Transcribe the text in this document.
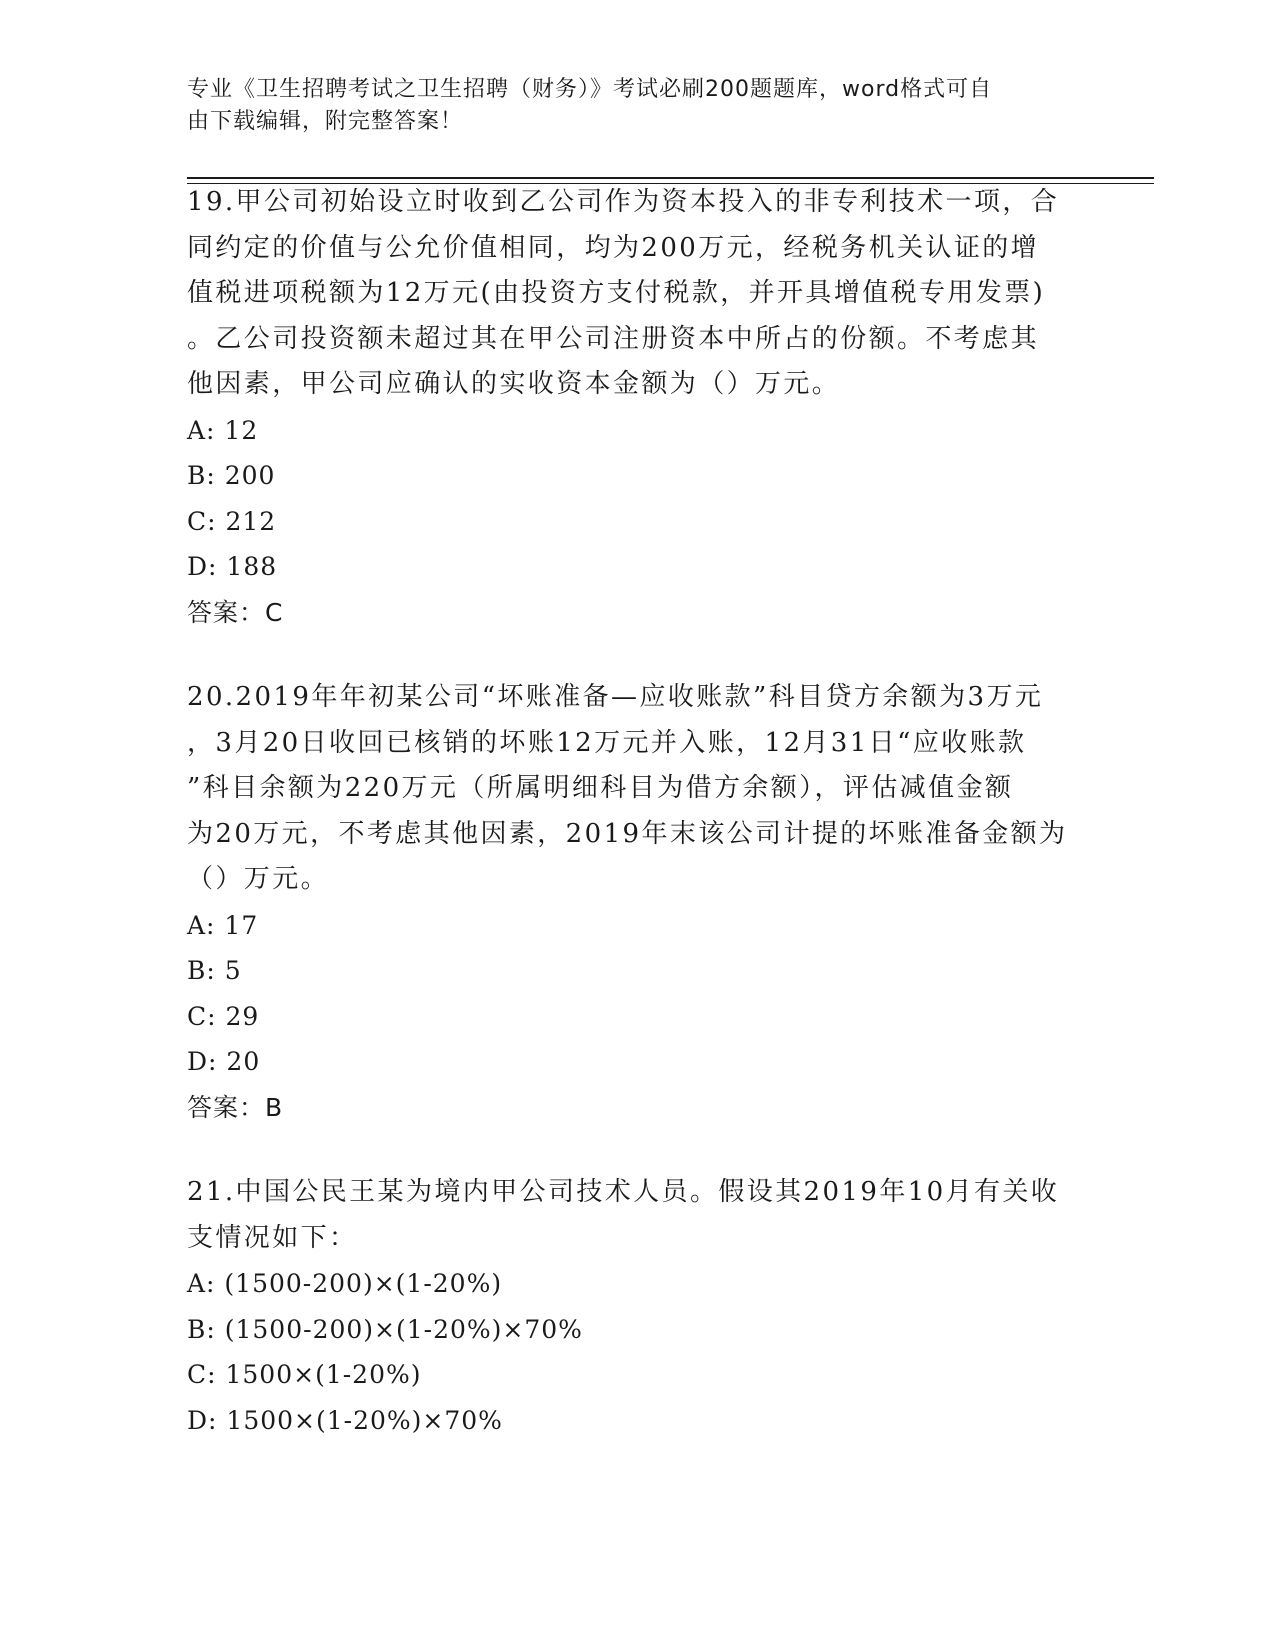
专业《卫生招聘考试之卫生招聘（财务）》考试必刷200题题库，word格式可自
由下载编辑，附完整答案！

19.甲公司初始设立时收到乙公司作为资本投入的非专利技术一项，合

同约定的价值与公允价值相同，均为200万元，经税务机关认证的增

值税进项税额为12万元(由投资方支付税款，并开具增值税专用发票)

。乙公司投资额未超过其在甲公司注册资本中所占的份额。不考虑其

他因素，甲公司应确认的实收资本金额为（）万元。

A: 12

B: 200

C: 212

D: 188

答案：C

20.2019年年初某公司“坏账准备—应收账款”科目贷方余额为3万元

，3月20日收回已核销的坏账12万元并入账，12月31日“应收账款

”科目余额为220万元（所属明细科目为借方余额），评估减值金额

为20万元，不考虑其他因素，2019年末该公司计提的坏账准备金额为

（）万元。

A: 17

B: 5

C: 29

D: 20

答案：B

21.中国公民王某为境内甲公司技术人员。假设其2019年10月有关收

支情况如下：

A: (1500-200)×(1-20%)

B: (1500-200)×(1-20%)×70%

C: 1500×(1-20%)

D: 1500×(1-20%)×70%
